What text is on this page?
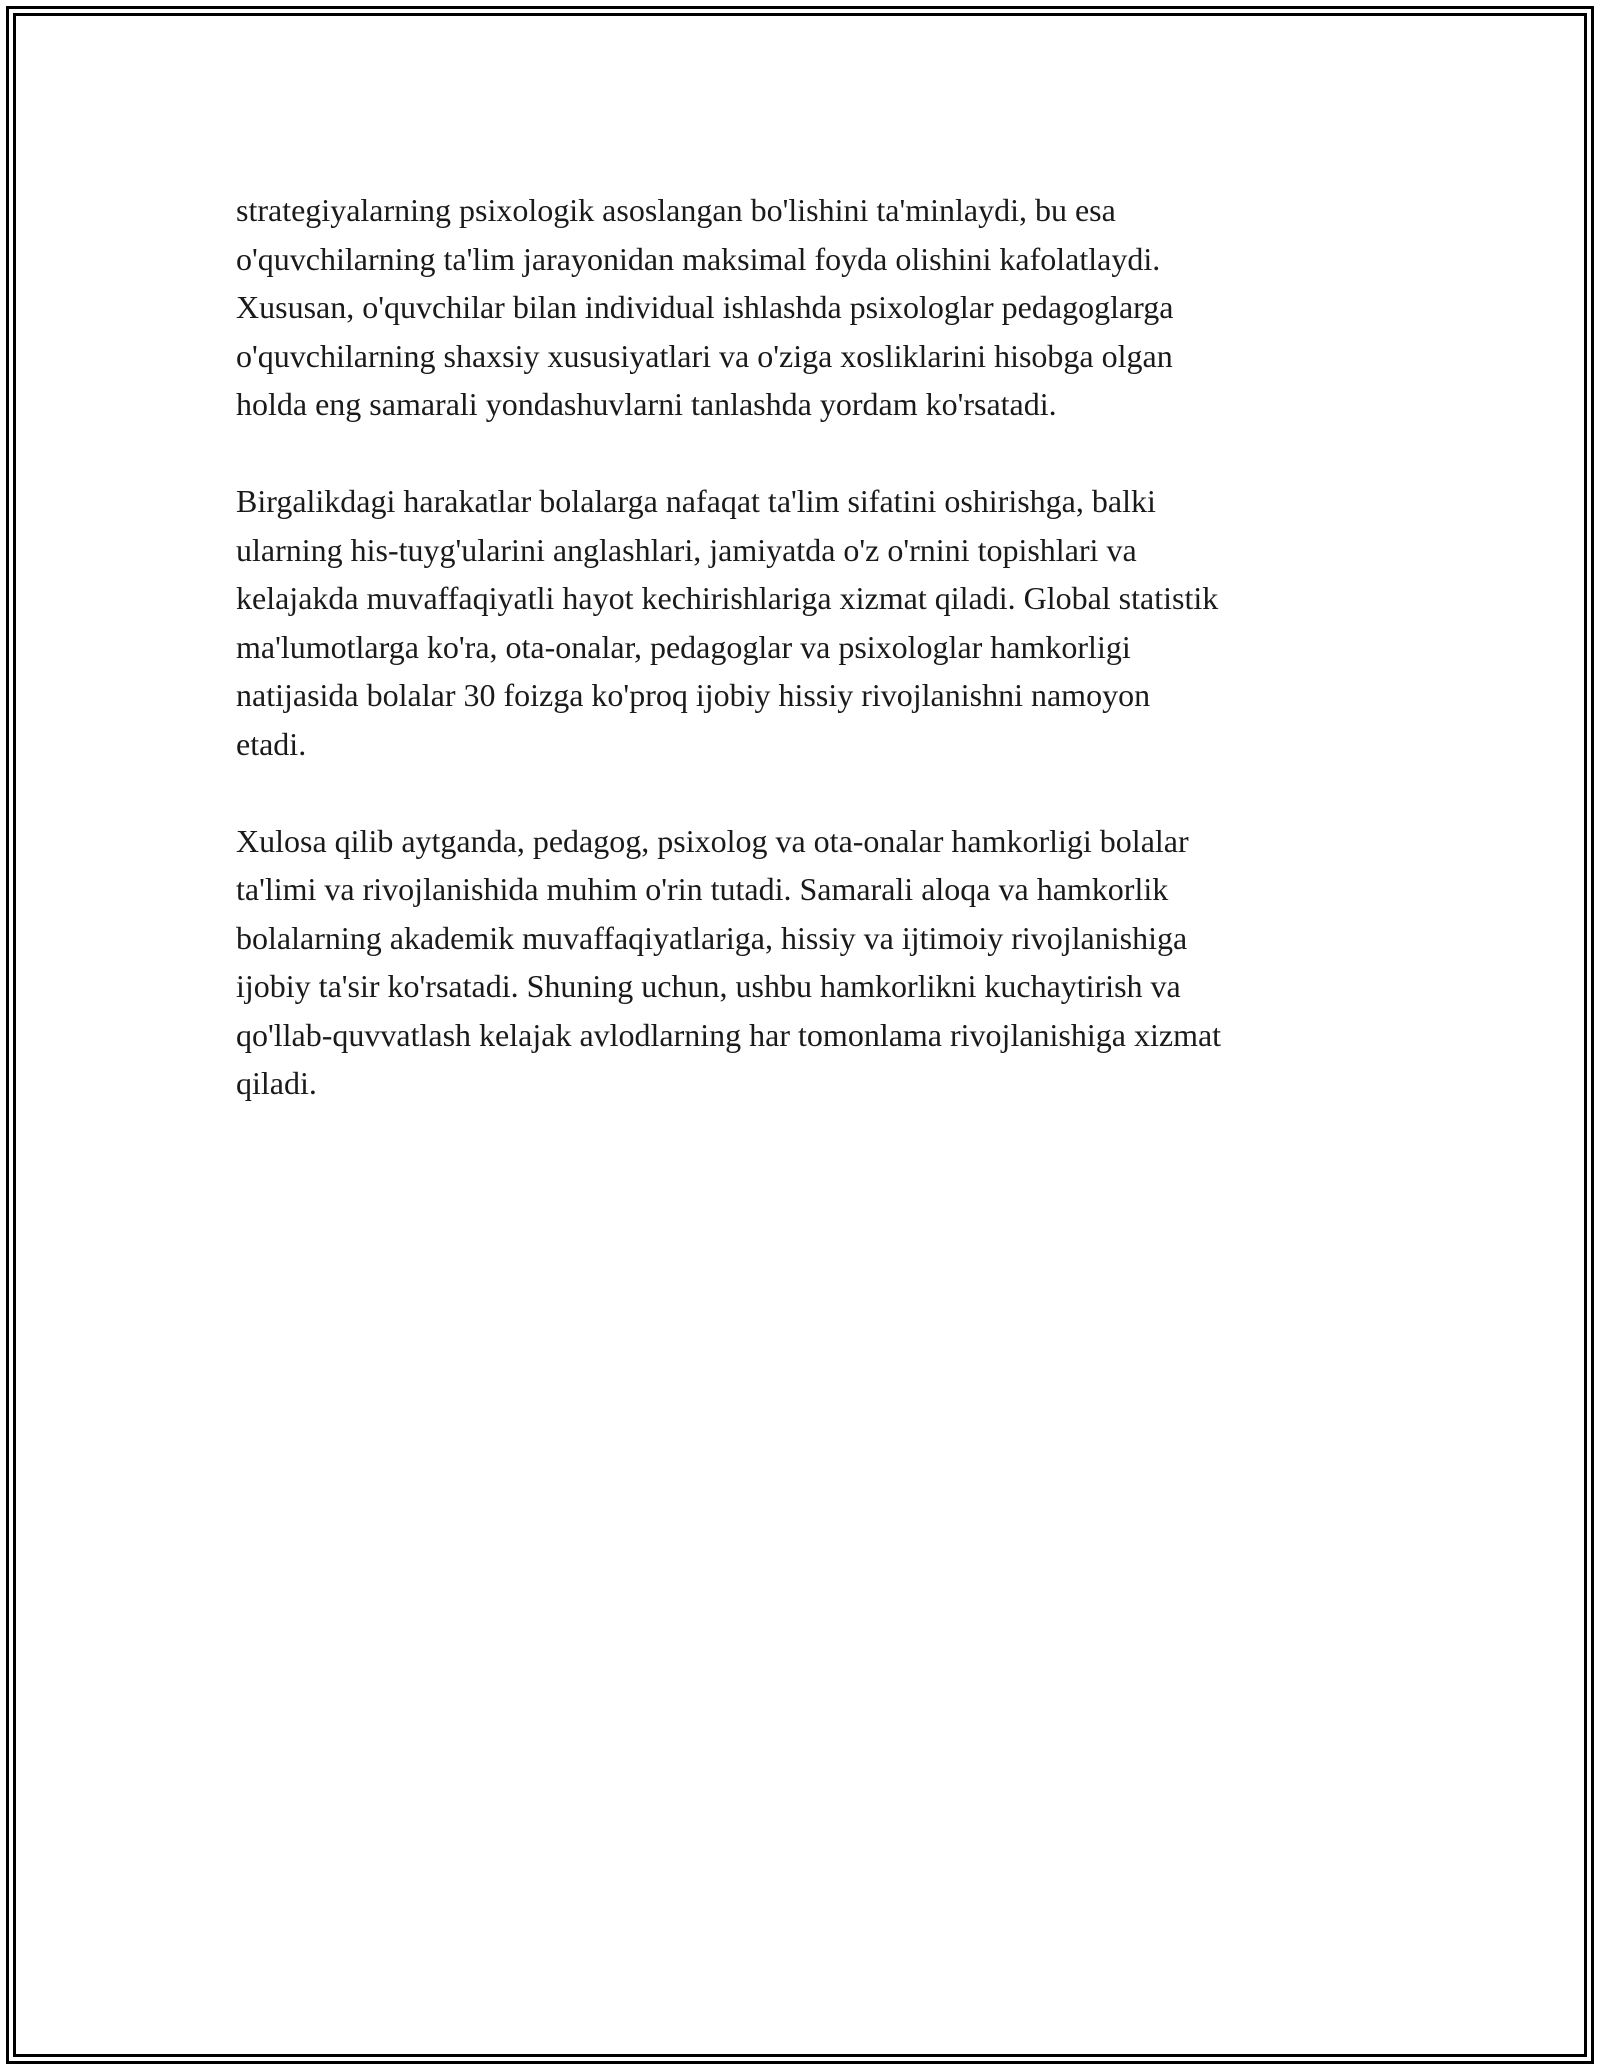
strategiyalarning psixologik asoslangan bo'lishini ta'minlaydi, bu esa
o'quvchilarning ta'lim jarayonidan maksimal foyda olishini kafolatlaydi.
Xususan, o'quvchilar bilan individual ishlashda psixologlar pedagoglarga
o'quvchilarning shaxsiy xususiyatlari va o'ziga xosliklarini hisobga olgan
holda eng samarali yondashuvlarni tanlashda yordam ko'rsatadi.

Birgalikdagi harakatlar bolalarga nafaqat ta'lim sifatini oshirishga, balki
ularning his-tuyg'ularini anglashlari, jamiyatda o'z o'rnini topishlari va
kelajakda muvaffaqiyatli hayot kechirishlariga xizmat qiladi. Global statistik
ma'lumotlarga ko'ra, ota-onalar, pedagoglar va psixologlar hamkorligi
natijasida bolalar 30 foizga ko'proq ijobiy hissiy rivojlanishni namoyon
etadi.

Xulosa qilib aytganda, pedagog, psixolog va ota-onalar hamkorligi bolalar
ta'limi va rivojlanishida muhim o'rin tutadi. Samarali aloqa va hamkorlik
bolalarning akademik muvaffaqiyatlariga, hissiy va ijtimoiy rivojlanishiga
ijobiy ta'sir ko'rsatadi. Shuning uchun, ushbu hamkorlikni kuchaytirish va
qo'llab-quvvatlash kelajak avlodlarning har tomonlama rivojlanishiga xizmat
qiladi.
